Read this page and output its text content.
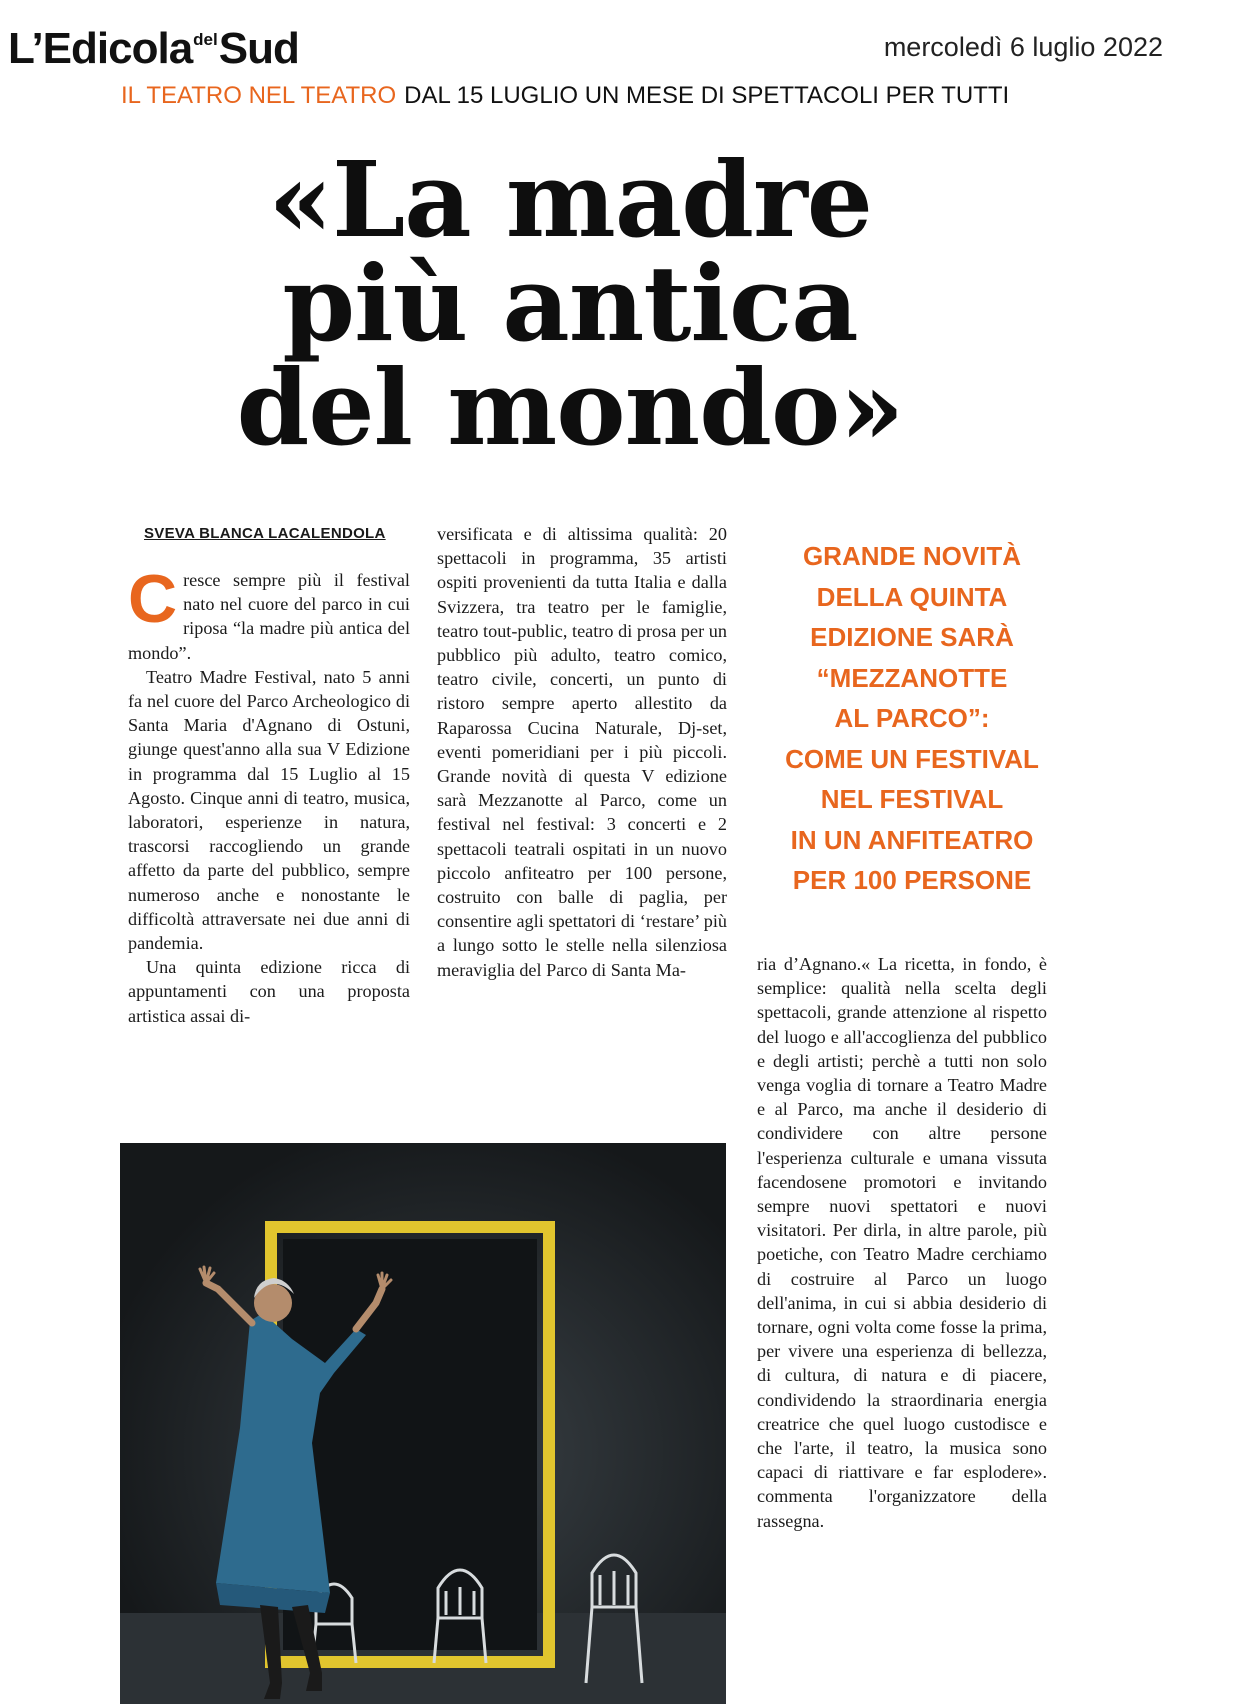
L’Edicola$^{del}$Sud	mercoledì 6 luglio 2022
IL TEATRO NEL TEATRO DAL 15 LUGLIO UN MESE DI SPETTACOLI PER TUTTI
«La madre
più antica
del mondo»
SVEVA BLANCA LACALENDOLA

Cresce sempre più il festival nato nel cuore del parco in cui riposa “la madre più antica del mondo”.

Teatro Madre Festival, nato 5 anni fa nel cuore del Parco Archeologico di Santa Maria d'Agnano di Ostuni, giunge quest'anno alla sua V Edizione in programma dal 15 Luglio al 15 Agosto. Cinque anni di teatro, musica, laboratori, esperienze in natura, trascorsi raccogliendo un grande affetto da parte del pubblico, sempre numeroso anche e nonostante le difficoltà attraversate nei due anni di pandemia.

Una quinta edizione ricca di appuntamenti con una proposta artistica assai di-

versificata e di altissima qualità: 20 spettacoli in programma, 35 artisti ospiti provenienti da tutta Italia e dalla Svizzera, tra teatro per le famiglie, teatro tout-public, teatro di prosa per un pubblico più adulto, teatro comico, teatro civile, concerti, un punto di ristoro sempre aperto allestito da Raparossa Cucina Naturale, Dj-set, eventi pomeridiani per i più piccoli. Grande novità di questa V edizione sarà Mezzanotte al Parco, come un festival nel festival: 3 concerti e 2 spettacoli teatrali ospitati in un nuovo piccolo anfiteatro per 100 persone, costruito con balle di paglia, per consentire agli spettatori di ‘restare’ più a lungo sotto le stelle nella silenziosa meraviglia del Parco di Santa Ma-

GRANDE NOVITÀ
DELLA QUINTA
EDIZIONE SARÀ
“MEZZANOTTE
AL PARCO”:
COME UN FESTIVAL
NEL FESTIVAL
IN UN ANFITEATRO
PER 100 PERSONE

ria d’Agnano.« La ricetta, in fondo, è semplice: qualità nella scelta degli spettacoli, grande attenzione al rispetto del luogo e all'accoglienza del pubblico e degli artisti; perchè a tutti non solo venga voglia di tornare a Teatro Madre e al Parco, ma anche il desiderio di condividere con altre persone l'esperienza culturale e umana vissuta facendosene promotori e invitando sempre nuovi spettatori e nuovi visitatori. Per dirla, in altre parole, più poetiche, con Teatro Madre cerchiamo di costruire al Parco un luogo dell'anima, in cui si abbia desiderio di tornare, ogni volta come fosse la prima, per vivere una esperienza di bellezza, di cultura, di natura e di piacere, condividendo la straordinaria energia creatrice che quel luogo custodisce e che l'arte, il teatro, la musica sono capaci di riattivare e far esplodere». commenta l'organizzatore della rassegna.
